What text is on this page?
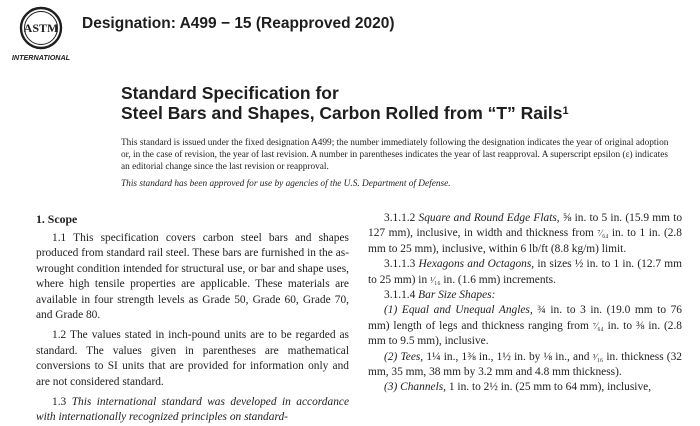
ASTM
INTERNATIONAL

Designation: A499 − 15 (Reapproved 2020)

Standard Specification for
Steel Bars and Shapes, Carbon Rolled from “T” Rails$^1$

This standard is issued under the fixed designation A499; the number immediately following the designation indicates the year of original adoption or, in the case of revision, the year of last revision. A number in parentheses indicates the year of last reapproval. A superscript epsilon (ε) indicates an editorial change since the last revision or reapproval.

This standard has been approved for use by agencies of the U.S. Department of Defense.

1. Scope

1.1 This specification covers carbon steel bars and shapes produced from standard rail steel. These bars are furnished in the as-wrought condition intended for structural use, or bar and shape uses, where high tensile properties are applicable. These materials are available in four strength levels as Grade 50, Grade 60, Grade 70, and Grade 80.

1.2 The values stated in inch-pound units are to be regarded as standard. The values given in parentheses are mathematical conversions to SI units that are provided for information only and are not considered standard.

1.3 This international standard was developed in accordance with internationally recognized principles on standard-

3.1.1.2 Square and Round Edge Flats, ⅝ in. to 5 in. (15.9 mm to 127 mm), inclusive, in width and thickness from ⁷⁄₆₄ in. to 1 in. (2.8 mm to 25 mm), inclusive, within 6 lb/ft (8.8 kg/m) limit.

3.1.1.3 Hexagons and Octagons, in sizes ½ in. to 1 in. (12.7 mm to 25 mm) in ¹⁄₁₆ in. (1.6 mm) increments.

3.1.1.4 Bar Size Shapes:

(1) Equal and Unequal Angles, ¾ in. to 3 in. (19.0 mm to 76 mm) length of legs and thickness ranging from ⁷⁄₆₄ in. to ⅜ in. (2.8 mm to 9.5 mm), inclusive.

(2) Tees, 1¼ in., 1⅜ in., 1½ in. by ⅛ in., and ³⁄₁₆ in. thickness (32 mm, 35 mm, 38 mm by 3.2 mm and 4.8 mm thickness).

(3) Channels, 1 in. to 2½ in. (25 mm to 64 mm), inclusive,
